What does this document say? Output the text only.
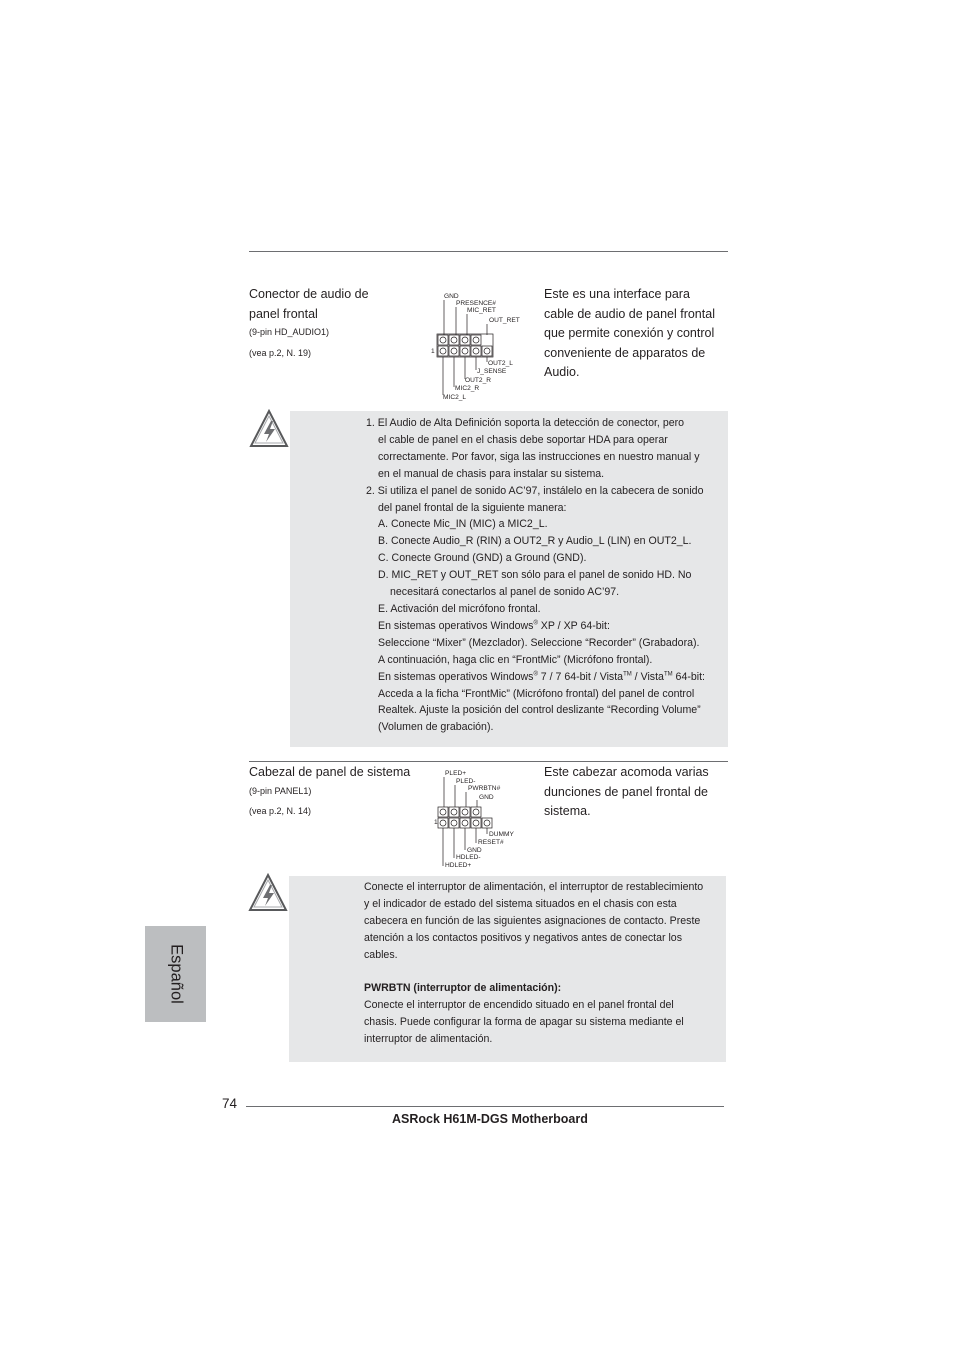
Conector de audio de
panel frontal
(9-pin HD_AUDIO1)
(vea p.2, N. 19)
GND
PRESENCE#
MIC_RET
OUT_RET
1
OUT2_L
J_SENSE
OUT2_R
MIC2_R
MIC2_L
Este es una interface para
cable de audio de panel frontal
que permite conexión y control
conveniente de apparatos de
Audio.

1. El Audio de Alta Definición soporta la detección de conector, pero

el cable de panel en el chasis debe soportar HDA para operar

correctamente. Por favor, siga las instrucciones en nuestro manual y

en el manual de chasis para instalar su sistema.

2. Si utiliza el panel de sonido AC’97, instálelo en la cabecera de sonido

del panel frontal de la siguiente manera:

A. Conecte Mic_IN (MIC) a MIC2_L.

B. Conecte Audio_R (RIN) a OUT2_R y Audio_L (LIN) en OUT2_L.

C. Conecte Ground (GND) a Ground (GND).

D. MIC_RET y OUT_RET son sólo para el panel de sonido HD. No

necesitará conectarlos al panel de sonido AC’97.

E. Activación del micrófono frontal.

En sistemas operativos Windows® XP / XP 64-bit:

Seleccione “Mixer” (Mezclador). Seleccione “Recorder” (Grabadora).

A continuación, haga clic en “FrontMic” (Micrófono frontal).

En sistemas operativos Windows® 7 / 7 64-bit / Vista™ / Vista™ 64-bit:

Acceda a la ficha “FrontMic” (Micrófono frontal) del panel de control

Realtek. Ajuste la posición del control deslizante “Recording Volume”

(Volumen de grabación).

Cabezal de panel de sistema
(9-pin PANEL1)
(vea p.2, N. 14)
PLED+
PLED-
PWRBTN#
GND
1
DUMMY
RESET#
GND
HDLED-
HDLED+
Este cabezar acomoda varias
dunciones de panel frontal de
sistema.

Conecte el interruptor de alimentación, el interruptor de restablecimiento

y el indicador de estado del sistema situados en el chasis con esta

cabecera en función de las siguientes asignaciones de contacto. Preste

atención a los contactos positivos y negativos antes de conectar los

cables.

PWRBTN (interruptor de alimentación):

Conecte el interruptor de encendido situado en el panel frontal del

chasis. Puede configurar la forma de apagar su sistema mediante el

interruptor de alimentación.

Español
74
ASRock H61M-DGS Motherboard
